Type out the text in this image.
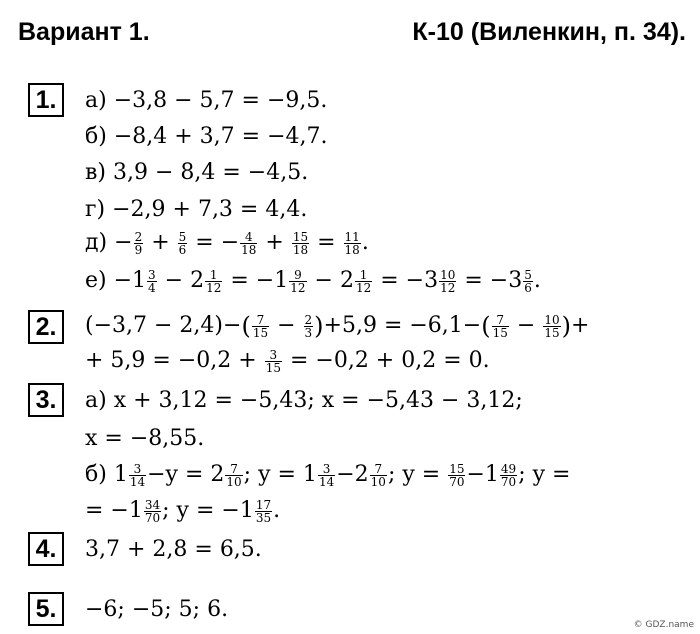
Вариант 1.	К-10 (Виленкин, п. 34).
1.	а) −3,8 − 5,7 = −9,5.
б) −8,4 + 3,7 = −4,7.
в) 3,9 − 8,4 = −4,5.
г) −2,9 + 7,3 = 4,4.
$д) - \frac{2}{9} + \frac{5}{6}$ = − $\frac{4}{18} + \frac{15}{18} = \frac{11}{18}$ .
$е) -1 \frac{3}{4} - 2 \frac{1}{12} = -1 \frac{9}{12} - 2 \frac{1}{12} = -3 \frac{10}{12} = -3 \frac{5}{6}$ .
2.	$(-3,7 - 2,4)-( \frac{7}{15} - \frac{2}{3} )+5,9 = -6,1-( \frac{7}{15} - \frac{10}{15}$ )+
+ $5,9 = -0,2 + \frac{3}{15} = -0,2 + 0,2 = 0$.
3.	а) x + 3,12 = −5,43; x = −5,43 − 3,12;
x = −8,55.
б) $1 \frac{3}{14} -y = 2 \frac{7}{10}$ ; $y = 1 \frac{3}{14} -2 \frac{7}{10}$ ; $y = \frac{15}{70} -1 \frac{49}{70}$ ; y =
= $-1 \frac{34}{70}$ ; $y = -1 \frac{17}{35}$ .
4.	3,7 + 2,8 = 6,5.
5.	−6; −5; 5; 6.
© GDZ.name
